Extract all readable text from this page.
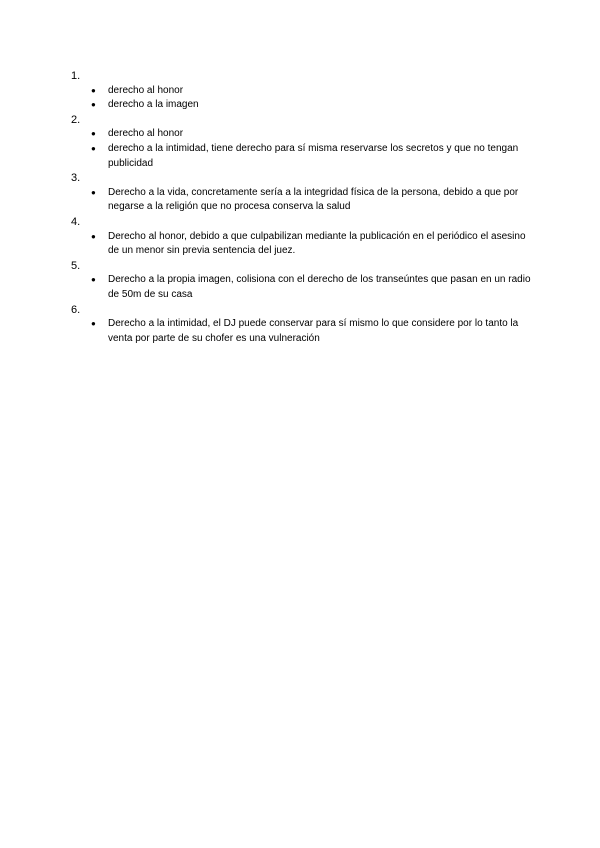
1.
● derecho al honor
● derecho a la imagen
2.
● derecho al honor
● derecho a la intimidad, tiene derecho para sí misma reservarse los secretos y que no tengan publicidad
3.
● Derecho a la vida, concretamente sería a la integridad física de la persona, debido a que por negarse a la religión que no procesa conserva la salud
4.
● Derecho al honor, debido a que culpabilizan mediante la publicación en el periódico el asesino de un menor sin previa sentencia del juez.
5.
● Derecho a la propia imagen, colisiona con el derecho de los transeúntes que pasan en un radio de 50m de su casa
6.
● Derecho a la intimidad, el DJ puede conservar para sí mismo lo que considere por lo tanto la venta por parte de su chofer es una vulneración
